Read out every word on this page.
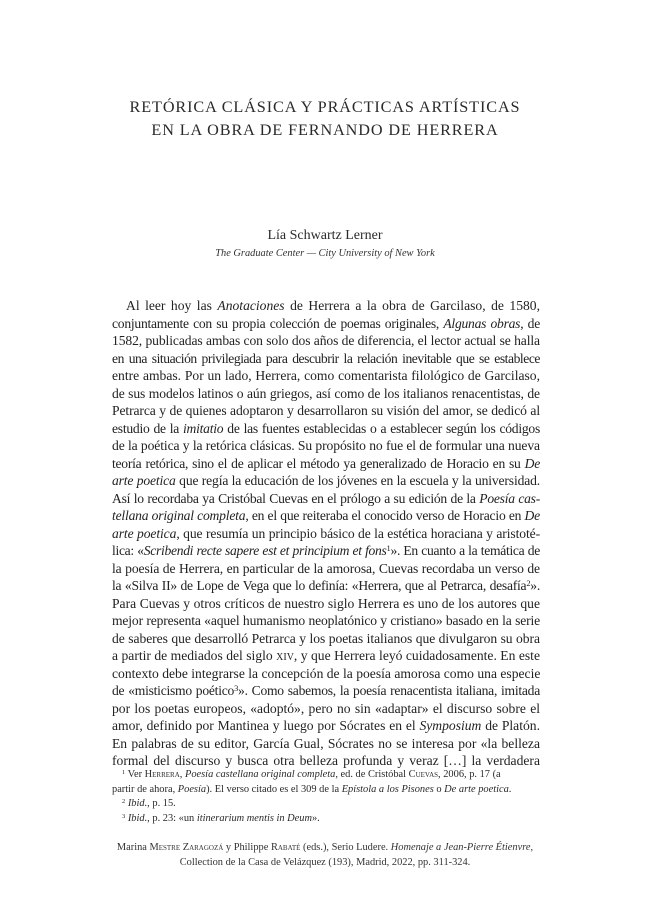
RETÓRICA CLÁSICA Y PRÁCTICAS ARTÍSTICAS
EN LA OBRA DE FERNANDO DE HERRERA
Lía Schwartz Lerner
The Graduate Center — City University of New York
Al leer hoy las Anotaciones de Herrera a la obra de Garcilaso, de 1580,
conjuntamente con su propia colección de poemas originales, Algunas obras, de
1582, publicadas ambas con solo dos años de diferencia, el lector actual se halla
en una situación privilegiada para descubrir la relación inevitable que se establece
entre ambas. Por un lado, Herrera, como comentarista filológico de Garcilaso,
de sus modelos latinos o aún griegos, así como de los italianos renacentistas, de
Petrarca y de quienes adoptaron y desarrollaron su visión del amor, se dedicó al
estudio de la imitatio de las fuentes establecidas o a establecer según los códigos
de la poética y la retórica clásicas. Su propósito no fue el de formular una nueva
teoría retórica, sino el de aplicar el método ya generalizado de Horacio en su De
arte poetica que regía la educación de los jóvenes en la escuela y la universidad.
Así lo recordaba ya Cristóbal Cuevas en el prólogo a su edición de la Poesía cas-
tellana original completa, en el que reiteraba el conocido verso de Horacio en De
arte poetica, que resumía un principio básico de la estética horaciana y aristoté-
lica: «Scribendi recte sapere est et principium et fons$^1$». En cuanto a la temática de
la poesía de Herrera, en particular de la amorosa, Cuevas recordaba un verso de
la «Silva II» de Lope de Vega que lo definía: «Herrera, que al Petrarca, desafía$^2$».
Para Cuevas y otros críticos de nuestro siglo Herrera es uno de los autores que
mejor representa «aquel humanismo neoplatónico y cristiano» basado en la serie
de saberes que desarrolló Petrarca y los poetas italianos que divulgaron su obra
a partir de mediados del siglo xiv, y que Herrera leyó cuidadosamente. En este
contexto debe integrarse la concepción de la poesía amorosa como una especie
de «misticismo poético$^3$». Como sabemos, la poesía renacentista italiana, imitada
por los poetas europeos, «adoptó», pero no sin «adaptar» el discurso sobre el
amor, definido por Mantinea y luego por Sócrates en el Symposium de Platón.
En palabras de su editor, García Gual, Sócrates no se interesa por «la belleza
formal del discurso y busca otra belleza profunda y veraz […] la verdadera
$^1$ Ver Herrera, Poesía castellana original completa, ed. de Cristóbal Cuevas, 2006, p. 17 (a
partir de ahora, Poesía). El verso citado es el 309 de la Epístola a los Pisones o De arte poetica.
$^2$ Ibid., p. 15.
$^3$ Ibid., p. 23: «un itinerarium mentis in Deum».
Marina Mestre Zaragozá y Philippe Rabaté (eds.), Serio Ludere. Homenaje a Jean-Pierre Étienvre,
Collection de la Casa de Velázquez (193), Madrid, 2022, pp. 311-324.
